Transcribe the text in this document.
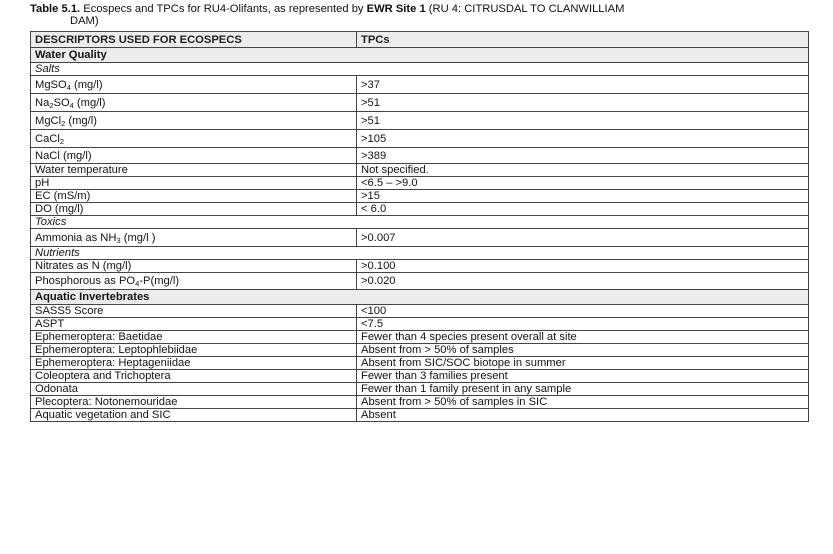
Table 5.1. Ecospecs and TPCs for RU4-Olifants, as represented by EWR Site 1 (RU 4: CITRUSDAL TO CLANWILLIAM
DAM)
DESCRIPTORS USED FOR ECOSPECS	TPCs
Water Quality	
Salts	
MgSO$_4$ (mg/l)	>37
$Na_2SO_4$ (mg/l)	>51
MgCl$_2$ (mg/l)	>51
CaCl$_2$	>105
NaCl (mg/l)	>389
Water temperature	Not specified.
pH	<6.5 – >9.0
EC (mS/m)	>15
DO (mg/l)	< 6.0
Toxics	
Ammonia as $NH_3$ (mg/l )	>0.007
Nutrients	
Nitrates as N (mg/l)	>0.100
Phosphorous as $PO_4-P(mg/l)$	>0.020
Aquatic Invertebrates	
SASS5 Score	<100
ASPT	<7.5
Ephemeroptera: Baetidae	Fewer than 4 species present overall at site
Ephemeroptera: Leptophlebiidae	Absent from > 50% of samples
Ephemeroptera: Heptageniidae	Absent from SIC/SOC biotope in summer
Coleoptera and Trichoptera	Fewer than 3 families present
Odonata	Fewer than 1 family present in any sample
Plecoptera: Notonemouridae	Absent from > 50% of samples in SIC
Aquatic vegetation and SIC	Absent
